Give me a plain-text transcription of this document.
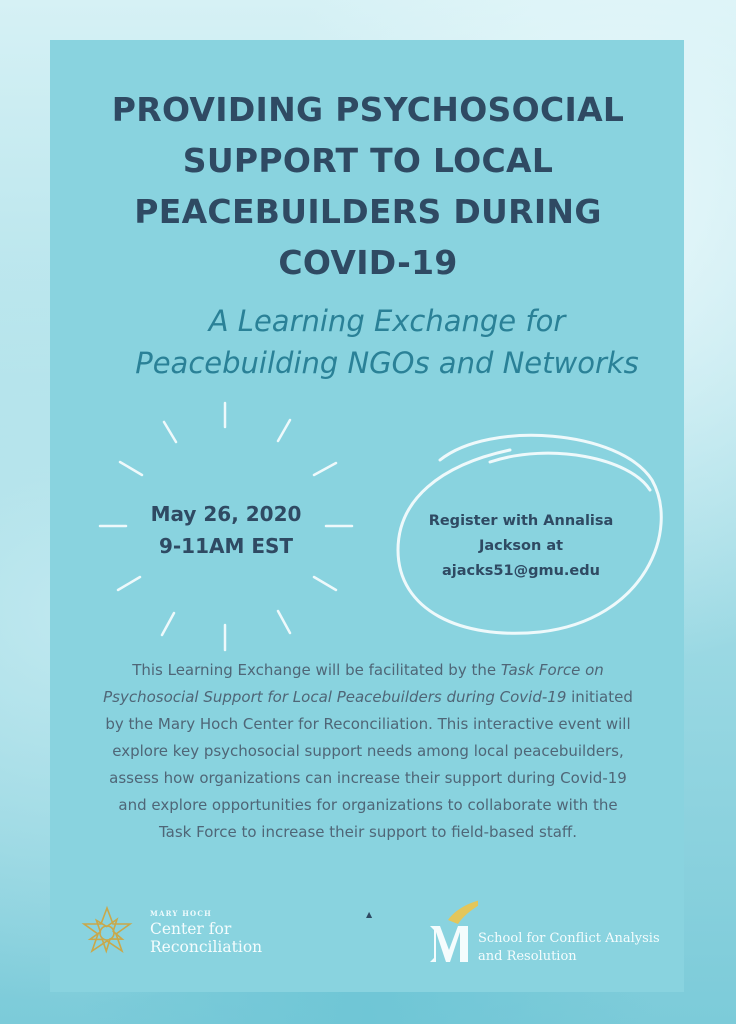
PROVIDING PSYCHOSOCIAL
SUPPORT TO LOCAL
PEACEBUILDERS DURING
COVID-19
A Learning Exchange for
Peacebuilding NGOs and Networks
May 26, 2020
9-11AM EST
Register with Annalisa
Jackson at
ajacks51@gmu.edu
This Learning Exchange will be facilitated by the Task Force on Psychosocial Support for Local Peacebuilders during Covid-19 initiated by the Mary Hoch Center for Reconciliation. This interactive event will explore key psychosocial support needs among local peacebuilders, assess how organizations can increase their support during Covid-19 and explore opportunities for organizations to collaborate with the Task Force to increase their support to field-based staff.
MARY HOCH
Center for
Reconciliation
▲
School for Conflict Analysis
and Resolution
